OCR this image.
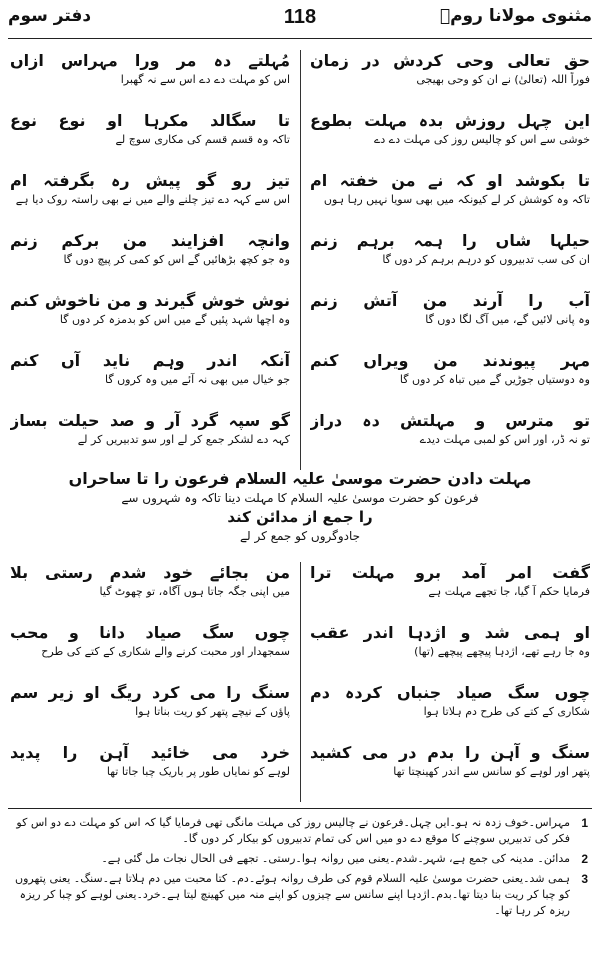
مثنوی مولانا رومؒ
118
دفتر سوم
حق تعالی وحی کردش در زمان
فوراً اللہ (تعالیٰ) نے ان کو وحی بھیجی
مُہلتے دہ مر ورا مہراس ازاں
اس کو مہلت دے دے اس سے نہ گھبرا
این چہل روزش بدہ مہلت بطوع
خوشی سے اس کو چالیس روز کی مہلت دے دے
تا سگالد مکرہا او نوع نوع
تاکہ وہ قسم قسم کی مکاری سوچ لے
تا بکوشد او کہ نے من خفتہ ام
تاکہ وہ کوشش کر لے کیونکہ میں بھی سویا نہیں رہا ہوں
تیز رو گو پیش رہ بگرفتہ ام
اس سے کہہ دے تیز چلنے والے میں نے بھی راستہ روک دیا ہے
حیلہا شاں را ہمہ برہم زنم
ان کی سب تدبیروں کو درہم برہم کر دوں گا
وانچہ افزایند من برکم زنم
وہ جو کچھ بڑھائیں گے اس کو کمی کر پیچ دوں گا
آب را آرند من آتش زنم
وہ پانی لائیں گے، میں آگ لگا دوں گا
نوش خوش گیرند و من ناخوش کنم
وہ اچھا شہد پئیں گے میں اس کو بدمزہ کر دوں گا
مہر پیوندند من ویراں کنم
وہ دوستیاں جوڑیں گے میں تباہ کر دوں گا
آنکہ اندر وہم ناید آں کنم
جو خیال میں بھی نہ آئے میں وہ کروں گا
تو مترس و مہلتش دہ دراز
تو نہ ڈر، اور اس کو لمبی مہلت دیدے
گو سپہ گرد آر و صد حیلت بساز
کہہ دے لشکر جمع کر لے اور سو تدبیریں کر لے
مہلت دادن حضرت موسیٰ علیہ السلام فرعون را تا ساحراں
فرعون کو حضرت موسیٰ علیہ السلام کا مہلت دینا تاکہ وہ شہروں سے
را جمع از مدائن کند
جادوگروں کو جمع کر لے
گفت امر آمد برو مہلت ترا
فرمایا حکم آ گیا، جا تجھے مہلت ہے
من بجائے خود شدم رستی بلا
میں اپنی جگہ جاتا ہوں آگاہ، تو چھوٹ گیا
او ہمی شد و اژدہا اندر عقب
وہ جا رہے تھے، اژدہا پیچھے پیچھے (تھا)
چوں سگ صیاد دانا و محب
سمجھدار اور محبت کرنے والے شکاری کے کتے کی طرح
چوں سگ صیاد جنباں کردہ دم
شکاری کے کتے کی طرح دم ہلاتا ہوا
سنگ را می کرد ریگ او زیر سم
پاؤں کے نیچے پتھر کو ریت بناتا ہوا
سنگ و آہن را بدم در می کشید
پتھر اور لوہے کو سانس سے اندر کھینچتا تھا
خرد می خائید آہن را پدید
لوہے کو نمایاں طور پر باریک چبا جاتا تھا
1
مہراس۔خوف زدہ نہ ہو۔ایں چہل۔فرعون نے چالیس روز کی مہلت مانگی تھی فرمایا گیا کہ اس کو مہلت دے دو اس کو فکر کی تدبیریں سوچنے کا موقع دے دو میں اس کی تمام تدبیروں کو بیکار کر دوں گا۔
2
مدائن۔ مدینہ کی جمع ہے، شہر۔شدم۔یعنی میں روانہ ہوا۔رستی۔ تجھے فی الحال نجات مل گئی ہے۔
3
ہمی شد۔یعنی حضرت موسیٰ علیہ السلام قوم کی طرف روانہ ہوئے۔دم۔ کتا محبت میں دم ہلاتا ہے۔سنگ۔ یعنی پتھروں کو چبا کر ریت بنا دیتا تھا۔بدم۔اژدہا اپنے سانس سے چیزوں کو اپنے منہ میں کھینچ لیتا ہے۔خرد۔یعنی لوہے کو چبا کر ریزہ ریزہ کر رہا تھا۔
